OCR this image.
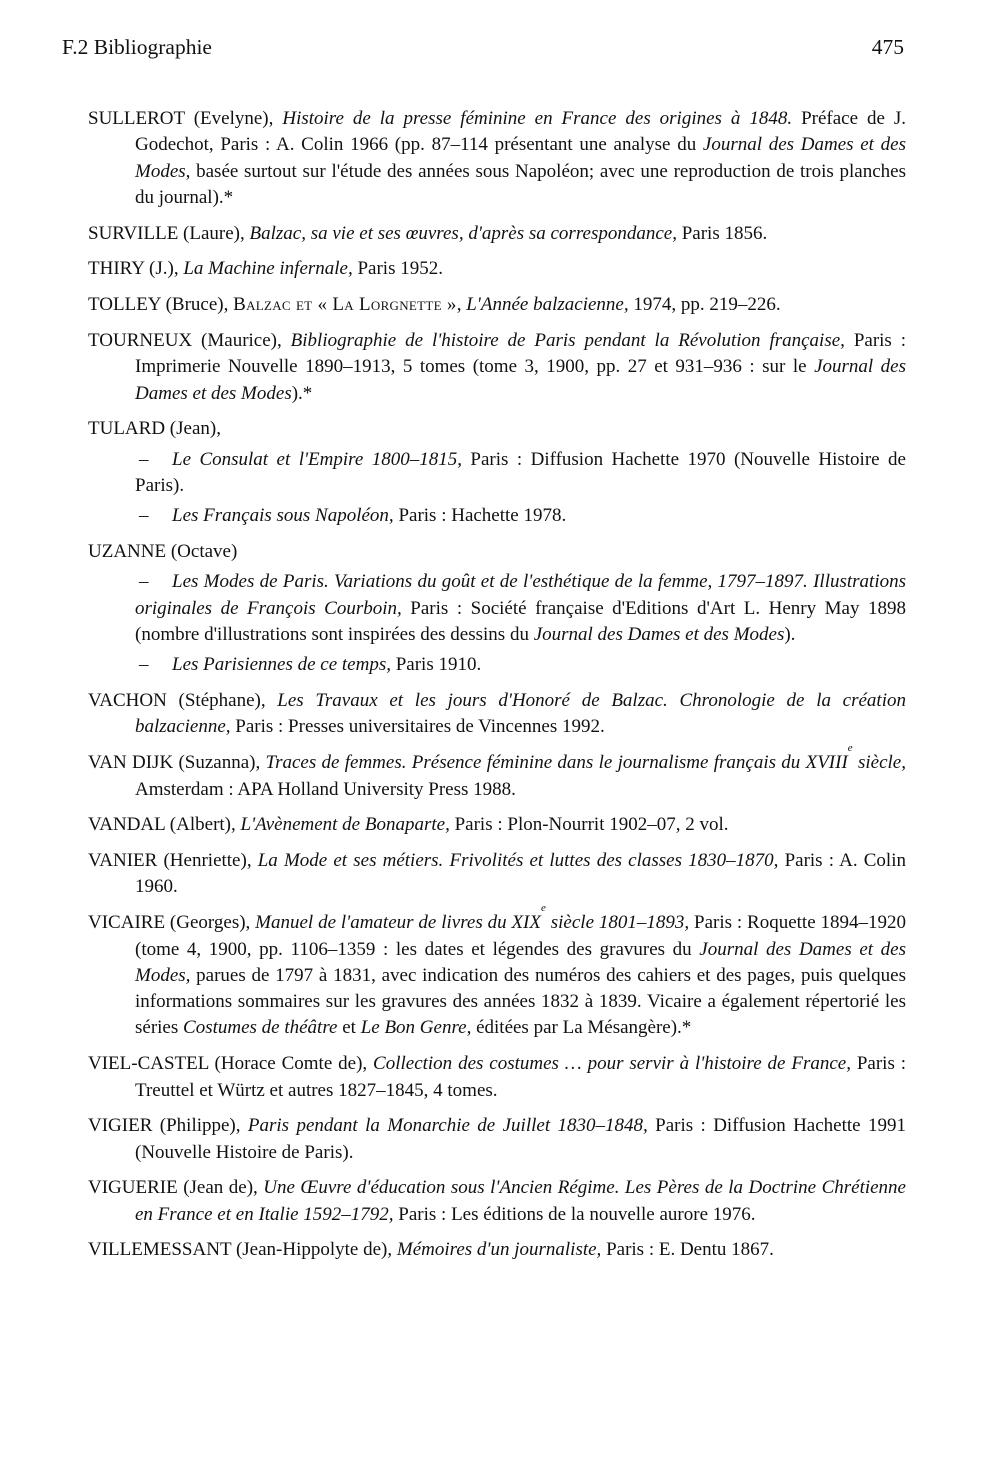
F.2 Bibliographie	475
SULLEROT (Evelyne), Histoire de la presse féminine en France des origines à 1848. Préface de J. Godechot, Paris : A. Colin 1966 (pp. 87–114 présentant une analyse du Journal des Dames et des Modes, basée surtout sur l'étude des années sous Napoléon; avec une reproduction de trois planches du journal).*
SURVILLE (Laure), Balzac, sa vie et ses œuvres, d'après sa correspondance, Paris 1856.
THIRY (J.), La Machine infernale, Paris 1952.
TOLLEY (Bruce), Balzac et « La Lorgnette », L'Année balzacienne, 1974, pp. 219–226.
TOURNEUX (Maurice), Bibliographie de l'histoire de Paris pendant la Révolution française, Paris : Imprimerie Nouvelle 1890–1913, 5 tomes (tome 3, 1900, pp. 27 et 931–936 : sur le Journal des Dames et des Modes).*
TULARD (Jean),
– Le Consulat et l'Empire 1800–1815, Paris : Diffusion Hachette 1970 (Nouvelle Histoire de Paris).
– Les Français sous Napoléon, Paris : Hachette 1978.
UZANNE (Octave)
– Les Modes de Paris. Variations du goût et de l'esthétique de la femme, 1797–1897. Illustrations originales de François Courboin, Paris : Société française d'Editions d'Art L. Henry May 1898 (nombre d'illustrations sont inspirées des dessins du Journal des Dames et des Modes).
– Les Parisiennes de ce temps, Paris 1910.
VACHON (Stéphane), Les Travaux et les jours d'Honoré de Balzac. Chronologie de la création balzacienne, Paris : Presses universitaires de Vincennes 1992.
VAN DIJK (Suzanna), Traces de femmes. Présence féminine dans le journalisme français du XVIIIe siècle, Amsterdam : APA Holland University Press 1988.
VANDAL (Albert), L'Avènement de Bonaparte, Paris : Plon-Nourrit 1902–07, 2 vol.
VANIER (Henriette), La Mode et ses métiers. Frivolités et luttes des classes 1830–1870, Paris : A. Colin 1960.
VICAIRE (Georges), Manuel de l'amateur de livres du XIXe siècle 1801–1893, Paris : Roquette 1894–1920 (tome 4, 1900, pp. 1106–1359 : les dates et légendes des gravures du Journal des Dames et des Modes, parues de 1797 à 1831, avec indication des numéros des cahiers et des pages, puis quelques informations sommaires sur les gravures des années 1832 à 1839. Vicaire a également répertorié les séries Costumes de théâtre et Le Bon Genre, éditées par La Mésangère).*
VIEL-CASTEL (Horace Comte de), Collection des costumes … pour servir à l'histoire de France, Paris : Treuttel et Würtz et autres 1827–1845, 4 tomes.
VIGIER (Philippe), Paris pendant la Monarchie de Juillet 1830–1848, Paris : Diffusion Hachette 1991 (Nouvelle Histoire de Paris).
VIGUERIE (Jean de), Une Œuvre d'éducation sous l'Ancien Régime. Les Pères de la Doctrine Chrétienne en France et en Italie 1592–1792, Paris : Les éditions de la nouvelle aurore 1976.
VILLEMESSANT (Jean-Hippolyte de), Mémoires d'un journaliste, Paris : E. Dentu 1867.
